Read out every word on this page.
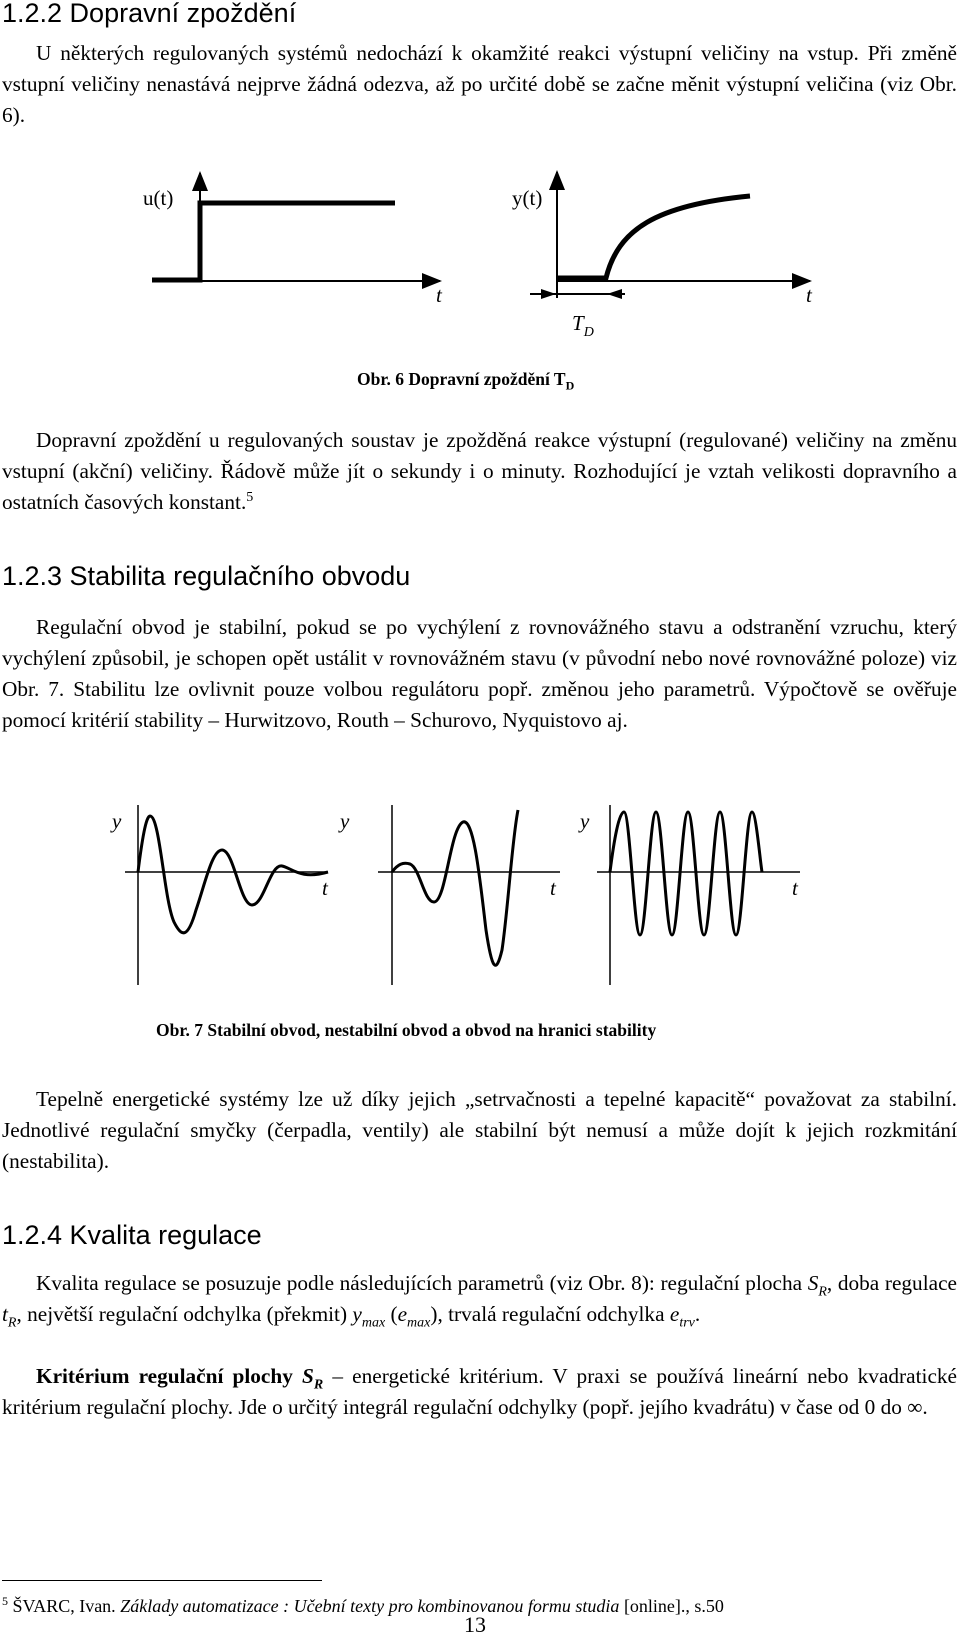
1.2.2 Dopravní zpoždění

U některých regulovaných systémů nedochází k okamžité reakci výstupní veličiny na vstup. Při změně vstupní veličiny nenastává nejprve žádná odezva, až po určité době se začne měnit výstupní veličina (viz Obr. 6).

u(t)
t
y(t)
t
$T_D$
Obr. 6 Dopravní zpoždění $T_D$

Dopravní zpoždění u regulovaných soustav je zpožděná reakce výstupní (regulované) veličiny na změnu vstupní (akční) veličiny. Řádově může jít o sekundy i o minuty. Rozhodující je vztah velikosti dopravního a ostatních časových konstant.$^5$

1.2.3 Stabilita regulačního obvodu

Regulační obvod je stabilní, pokud se po vychýlení z rovnovážného stavu a odstranění vzruchu, který vychýlení způsobil, je schopen opět ustálit v rovnovážném stavu (v původní nebo nové rovnovážné poloze) viz Obr. 7. Stabilitu lze ovlivnit pouze volbou regulátoru popř. změnou jeho parametrů. Výpočtově se ověřuje pomocí kritérií stability – Hurwitzovo, Routh – Schurovo, Nyquistovo aj.

y
t
y
t
y
t
Obr. 7 Stabilní obvod, nestabilní obvod a obvod na hranici stability

Tepelně energetické systémy lze už díky jejich „setrvačnosti a tepelné kapacitě“ považovat za stabilní. Jednotlivé regulační smyčky (čerpadla, ventily) ale stabilní být nemusí a může dojít k jejich rozkmitání (nestabilita).

1.2.4 Kvalita regulace

Kvalita regulace se posuzuje podle následujících parametrů (viz Obr. 8): regulační plocha $S_R$, doba regulace $t_R$, největší regulační odchylka (překmit) $y_{max}$ $(e_{max})$, trvalá regulační odchylka $e_{trv}$.

Kritérium regulační plochy $S_R$ – energetické kritérium. V praxi se používá lineární nebo kvadratické kritérium regulační plochy. Jde o určitý integrál regulační odchylky (popř. jejího kvadrátu) v čase od 0 do ∞.

$^5$ ŠVARC, Ivan. Základy automatizace : Učební texty pro kombinovanou formu studia [online]., s.50
13
